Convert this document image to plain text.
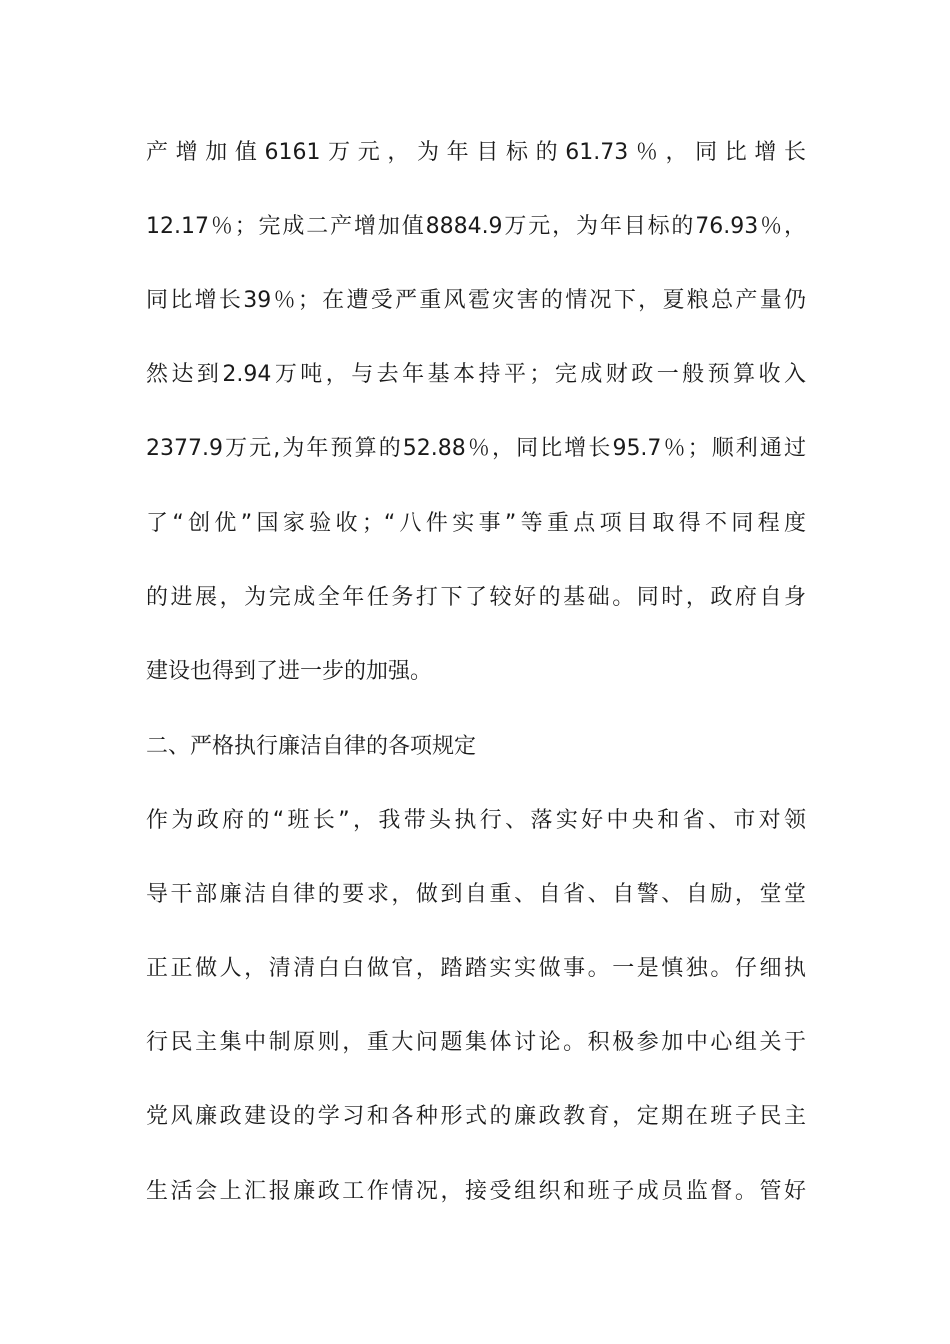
产增加值6161万元，为年目标的61.73％，同比增长
12.17％；完成二产增加值8884.9万元，为年目标的76.93％，
同比增长39％；在遭受严重风雹灾害的情况下，夏粮总产量仍
然达到2.94万吨，与去年基本持平；完成财政一般预算收入
2377.9万元,为年预算的52.88％，同比增长95.7％；顺利通过
了“创优”国家验收；“八件实事”等重点项目取得不同程度
的进展，为完成全年任务打下了较好的基础。同时，政府自身
建设也得到了进一步的加强。
二、严格执行廉洁自律的各项规定
作为政府的“班长”，我带头执行、落实好中央和省、市对领
导干部廉洁自律的要求，做到自重、自省、自警、自励，堂堂
正正做人，清清白白做官，踏踏实实做事。一是慎独。仔细执
行民主集中制原则，重大问题集体讨论。积极参加中心组关于
党风廉政建设的学习和各种形式的廉政教育，定期在班子民主
生活会上汇报廉政工作情况，接受组织和班子成员监督。管好
